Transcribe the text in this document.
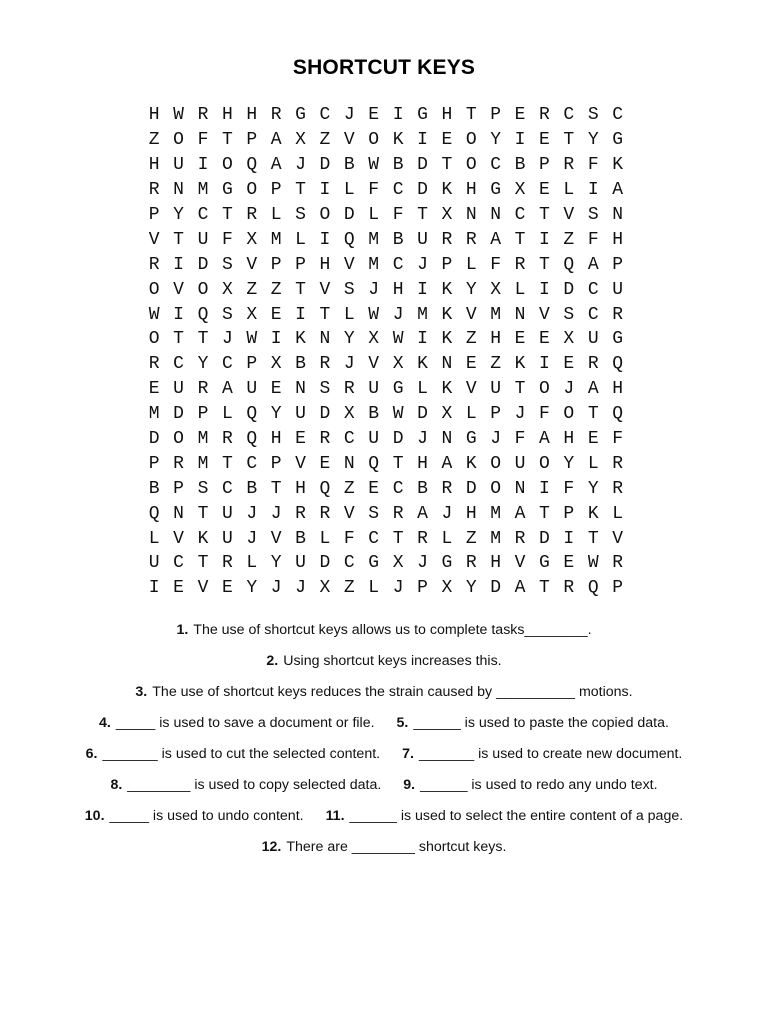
SHORTCUT KEYS
H W R H H R G C J E I G H T P E R C S C
Z O F T P A X Z V O K I E O Y I E T Y G
H U I O Q A J D B W B D T O C B P R F K
R N M G O P T I L F C D K H G X E L I A
P Y C T R L S O D L F T X N N C T V S N
V T U F X M L I Q M B U R R A T I Z F H
R I D S V P P H V M C J P L F R T Q A P
O V O X Z Z T V S J H I K Y X L I D C U
W I Q S X E I T L W J M K V M N V S C R
O T T J W I K N Y X W I K Z H E E X U G
R C Y C P X B R J V X K N E Z K I E R Q
E U R A U E N S R U G L K V U T O J A H
M D P L Q Y U D X B W D X L P J F O T Q
D O M R Q H E R C U D J N G J F A H E F
P R M T C P V E N Q T H A K O U O Y L R
B P S C B T H Q Z E C B R D O N I F Y R
Q N T U J J R R V S R A J H M A T P K L
L V K U J V B L F C T R L Z M R D I T V
U C T R L Y U D C G X J G R H V G E W R
I E V E Y J J X Z L J P X Y D A T R Q P
1. The use of shortcut keys allows us to complete tasks________.
2. Using shortcut keys increases this.
3. The use of shortcut keys reduces the strain caused by __________ motions.
4. _____ is used to save a document or file. 5. ______ is used to paste the copied data.
6. _______ is used to cut the selected content. 7. _______ is used to create new document.
8. ________ is used to copy selected data. 9. ______ is used to redo any undo text.
10. _____ is used to undo content. 11. ______ is used to select the entire content of a page.
12. There are ________ shortcut keys.
